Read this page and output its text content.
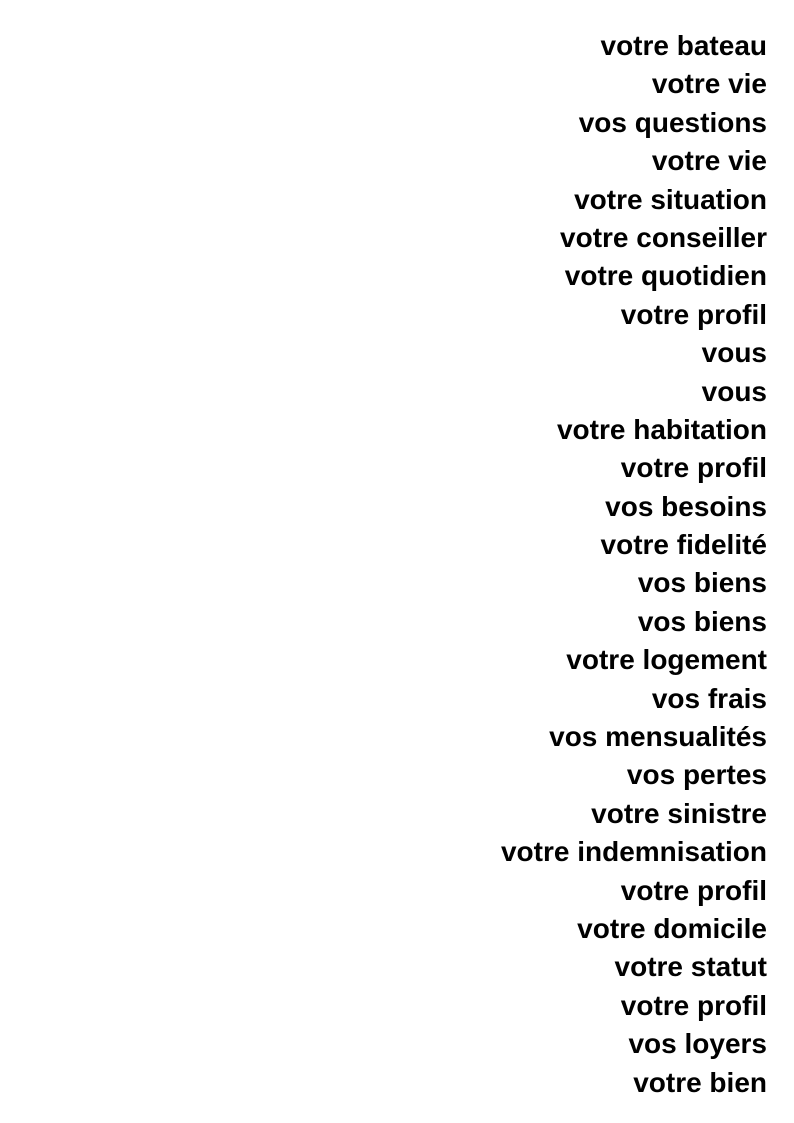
votre bateau
votre vie
vos questions
votre vie
votre situation
votre conseiller
votre quotidien
votre profil
vous
vous
votre habitation
votre profil
vos besoins
votre fidelité
vos biens
vos biens
votre logement
vos frais
vos mensualités
vos pertes
votre sinistre
votre indemnisation
votre profil
votre domicile
votre statut
votre profil
vos loyers
votre bien
